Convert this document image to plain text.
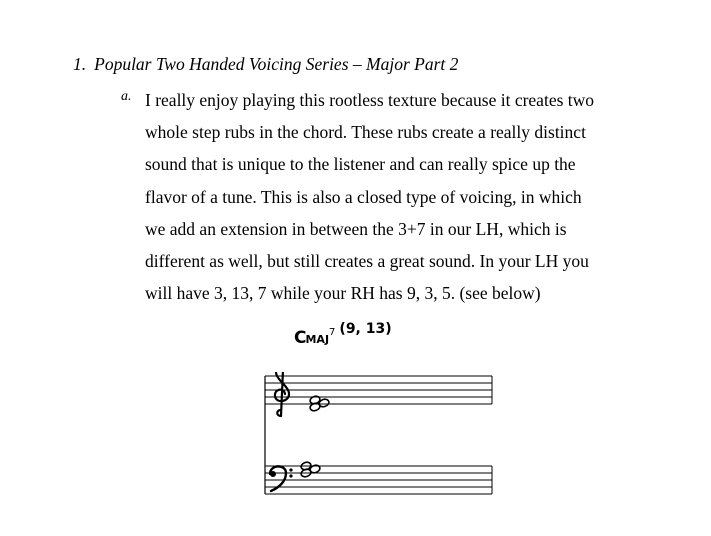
1. Popular Two Handed Voicing Series – Major Part 2
a. I really enjoy playing this rootless texture because it creates two
whole step rubs in the chord. These rubs create a really distinct
sound that is unique to the listener and can really spice up the
flavor of a tune. This is also a closed type of voicing, in which
we add an extension in between the 3+7 in our LH, which is
different as well, but still creates a great sound. In your LH you
will have 3, 13, 7 while your RH has 9, 3, 5. (see below)
CMAJ$^7$ (9, 13)
